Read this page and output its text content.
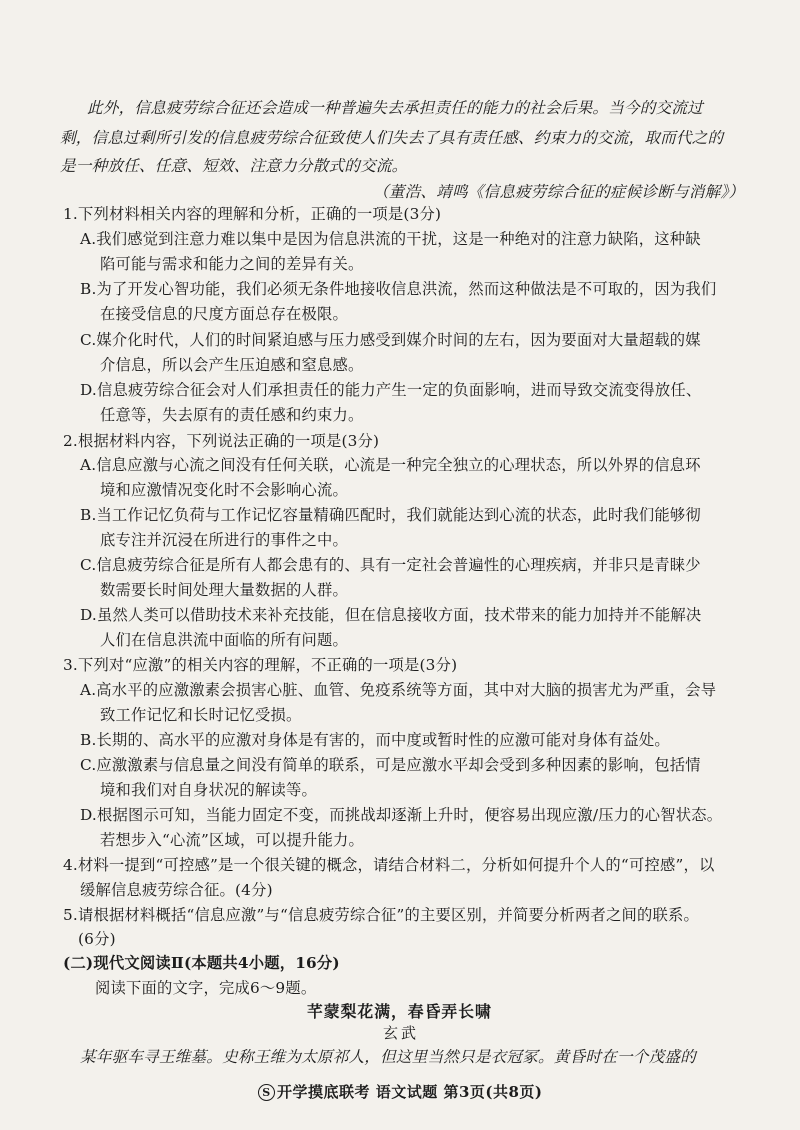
此外，信息疲劳综合征还会造成一种普遍失去承担责任的能力的社会后果。当今的交流过

剩，信息过剩所引发的信息疲劳综合征致使人们失去了具有责任感、约束力的交流，取而代之的

是一种放任、任意、短效、注意力分散式的交流。

（董浩、靖鸣《信息疲劳综合征的症候诊断与消解》）

1.下列材料相关内容的理解和分析，正确的一项是(3分)

A.我们感觉到注意力难以集中是因为信息洪流的干扰，这是一种绝对的注意力缺陷，这种缺

陷可能与需求和能力之间的差异有关。

B.为了开发心智功能，我们必须无条件地接收信息洪流，然而这种做法是不可取的，因为我们

在接受信息的尺度方面总存在极限。

C.媒介化时代，人们的时间紧迫感与压力感受到媒介时间的左右，因为要面对大量超载的媒

介信息，所以会产生压迫感和窒息感。

D.信息疲劳综合征会对人们承担责任的能力产生一定的负面影响，进而导致交流变得放任、

任意等，失去原有的责任感和约束力。

2.根据材料内容，下列说法正确的一项是(3分)

A.信息应激与心流之间没有任何关联，心流是一种完全独立的心理状态，所以外界的信息环

境和应激情况变化时不会影响心流。

B.当工作记忆负荷与工作记忆容量精确匹配时，我们就能达到心流的状态，此时我们能够彻

底专注并沉浸在所进行的事件之中。

C.信息疲劳综合征是所有人都会患有的、具有一定社会普遍性的心理疾病，并非只是青睐少

数需要长时间处理大量数据的人群。

D.虽然人类可以借助技术来补充技能，但在信息接收方面，技术带来的能力加持并不能解决

人们在信息洪流中面临的所有问题。

3.下列对“应激”的相关内容的理解，不正确的一项是(3分)

A.高水平的应激激素会损害心脏、血管、免疫系统等方面，其中对大脑的损害尤为严重，会导

致工作记忆和长时记忆受损。

B.长期的、高水平的应激对身体是有害的，而中度或暂时性的应激可能对身体有益处。

C.应激激素与信息量之间没有简单的联系，可是应激水平却会受到多种因素的影响，包括情

境和我们对自身状况的解读等。

D.根据图示可知，当能力固定不变，而挑战却逐渐上升时，便容易出现应激/压力的心智状态。

若想步入“心流”区域，可以提升能力。

4.材料一提到“可控感”是一个很关键的概念，请结合材料二，分析如何提升个人的“可控感”，以

缓解信息疲劳综合征。(4分)

5.请根据材料概括“信息应激”与“信息疲劳综合征”的主要区别，并简要分析两者之间的联系。

(6分)

(二)现代文阅读Ⅱ(本题共4小题，16分)

阅读下面的文字，完成6～9题。

芊蒙梨花满，春昏弄长啸

玄武

某年驱车寻王维墓。史称王维为太原祁人，但这里当然只是衣冠冢。黄昏时在一个茂盛的

S 开学摸底联考 语文试题 第3页(共8页)
